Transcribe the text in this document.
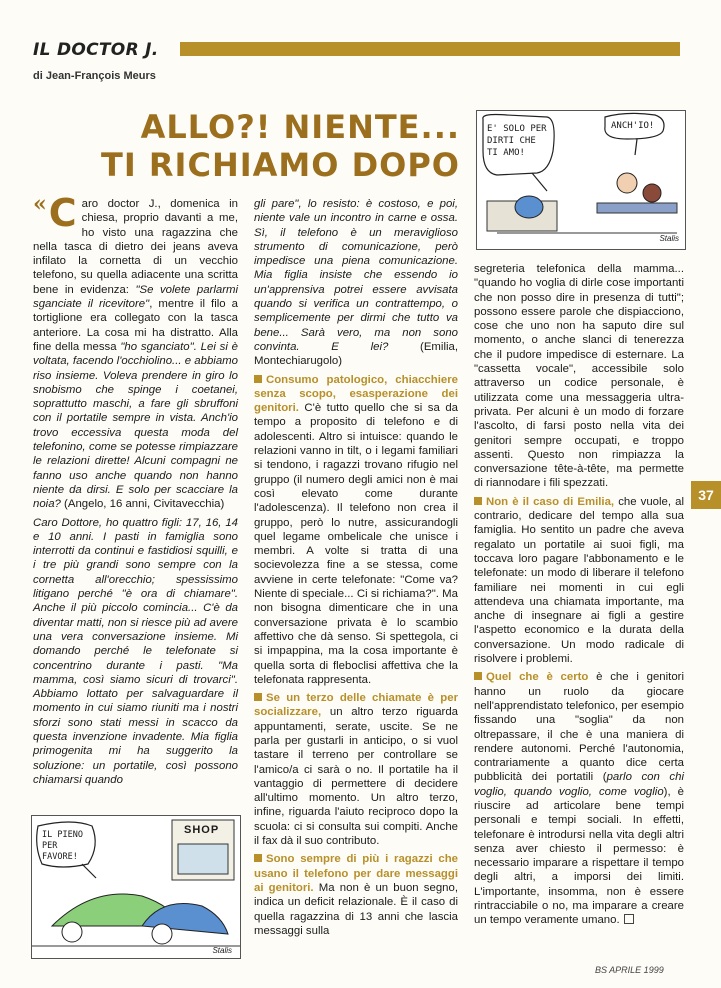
IL DOCTOR J.
di Jean-François Meurs
ALLO?! NIENTE...
TI RICHIAMO DOPO
E' SOLO PER DIRTI CHE TI AMO!
ANCH'IO!
Stalis
IL PIENO PER FAVORE!
SHOP
Stalis

« C aro doctor J., domenica in chiesa, proprio davanti a me, ho visto una ragazzina che nella tasca di dietro dei jeans aveva infilato la cornetta di un vecchio telefono, su quella adiacente una scritta bene in evidenza: "Se volete parlarmi sganciate il ricevitore", mentre il filo a tortiglione era collegato con la tasca anteriore. La cosa mi ha distratto. Alla fine della messa "ho sganciato". Lei si è voltata, facendo l'occhiolino... e abbiamo riso insieme. Voleva prendere in giro lo snobismo che spinge i coetanei, soprattutto maschi, a fare gli sbruffoni con il portatile sempre in vista. Anch'io trovo eccessiva questa moda del telefonino, come se potesse rimpiazzare le relazioni dirette! Alcuni compagni ne fanno uso anche quando non hanno niente da dirsi. E solo per scacciare la noia? (Angelo, 16 anni, Civitavecchia)

Caro Dottore, ho quattro figli: 17, 16, 14 e 10 anni. I pasti in famiglia sono interrotti da continui e fastidiosi squilli, e i tre più grandi sono sempre con la cornetta all'orecchio; spessissimo litigano perché "è ora di chiamare". Anche il più piccolo comincia... C'è da diventar matti, non si riesce più ad avere una vera conversazione insieme. Mi domando perché le telefonate si concentrino durante i pasti. "Ma mamma, così siamo sicuri di trovarci". Abbiamo lottato per salvaguardare il momento in cui siamo riuniti ma i nostri sforzi sono stati messi in scacco da questa invenzione invadente. Mia figlia primogenita mi ha suggerito la soluzione: un portatile, così possono chiamarsi quando

gli pare", lo resisto: è costoso, e poi, niente vale un incontro in carne e ossa. Sì, il telefono è un meraviglioso strumento di comunicazione, però impedisce una piena comunicazione. Mia figlia insiste che essendo io un'apprensiva potrei essere avvisata quando si verifica un contrattempo, o semplicemente per dirmi che tutto va bene... Sarà vero, ma non sono convinta. E lei? (Emilia, Montechiarugolo)

Consumo patologico, chiacchiere senza scopo, esasperazione dei genitori. C'è tutto quello che si sa da tempo a proposito di telefono e di adolescenti. Altro si intuisce: quando le relazioni vanno in tilt, o i legami familiari si tendono, i ragazzi trovano rifugio nel gruppo (il numero degli amici non è mai così elevato come durante l'adolescenza). Il telefono non crea il gruppo, però lo nutre, assicurandogli quel legame ombelicale che unisce i membri. A volte si tratta di una socievolezza fine a se stessa, come avviene in certe telefonate: "Come va? Niente di speciale... Ci si richiama?". Ma non bisogna dimenticare che in una conversazione privata è lo scambio affettivo che dà senso. Si spettegola, ci si impappina, ma la cosa importante è quella sorta di fleboclisi affettiva che la telefonata rappresenta.

Se un terzo delle chiamate è per socializzare, un altro terzo riguarda appuntamenti, serate, uscite. Se ne parla per gustarli in anticipo, o si vuol tastare il terreno per controllare se l'amico/a ci sarà o no. Il portatile ha il vantaggio di permettere di decidere all'ultimo momento. Un altro terzo, infine, riguarda l'aiuto reciproco dopo la scuola: ci si consulta sui compiti. Anche il fax dà il suo contributo.

Sono sempre di più i ragazzi che usano il telefono per dare messaggi ai genitori. Ma non è un buon segno, indica un deficit relazionale. È il caso di quella ragazzina di 13 anni che lascia messaggi sulla

segreteria telefonica della mamma... "quando ho voglia di dirle cose importanti che non posso dire in presenza di tutti"; possono essere parole che dispiacciono, cose che uno non ha saputo dire sul momento, o anche slanci di tenerezza che il pudore impedisce di esternare. La "cassetta vocale", accessibile solo attraverso un codice personale, è utilizzata come una messaggeria ultra-privata. Per alcuni è un modo di forzare l'ascolto, di farsi posto nella vita dei genitori sempre occupati, e troppo assenti. Questo non rimpiazza la conversazione tête-à-tête, ma permette di riannodare i fili spezzati.

Non è il caso di Emilia, che vuole, al contrario, dedicare del tempo alla sua famiglia. Ho sentito un padre che aveva regalato un portatile ai suoi figli, ma toccava loro pagare l'abbonamento e le telefonate: un modo di liberare il telefono familiare nei momenti in cui egli attendeva una chiamata importante, ma anche di insegnare ai figli a gestire l'aspetto economico e la durata della conversazione. Un modo radicale di risolvere i problemi.

Quel che è certo è che i genitori hanno un ruolo da giocare nell'apprendistato telefonico, per esempio fissando una "soglia" da non oltrepassare, il che è una maniera di rendere autonomi. Perché l'autonomia, contrariamente a quanto dice certa pubblicità dei portatili (parlo con chi voglio, quando voglio, come voglio), è riuscire ad articolare bene tempi personali e tempi sociali. In effetti, telefonare è introdursi nella vita degli altri senza aver chiesto il permesso: è necessario imparare a rispettare il tempo degli altri, a imporsi dei limiti. L'importante, insomma, non è essere rintracciabile o no, ma imparare a creare un tempo veramente umano.

37
BS APRILE 1999
